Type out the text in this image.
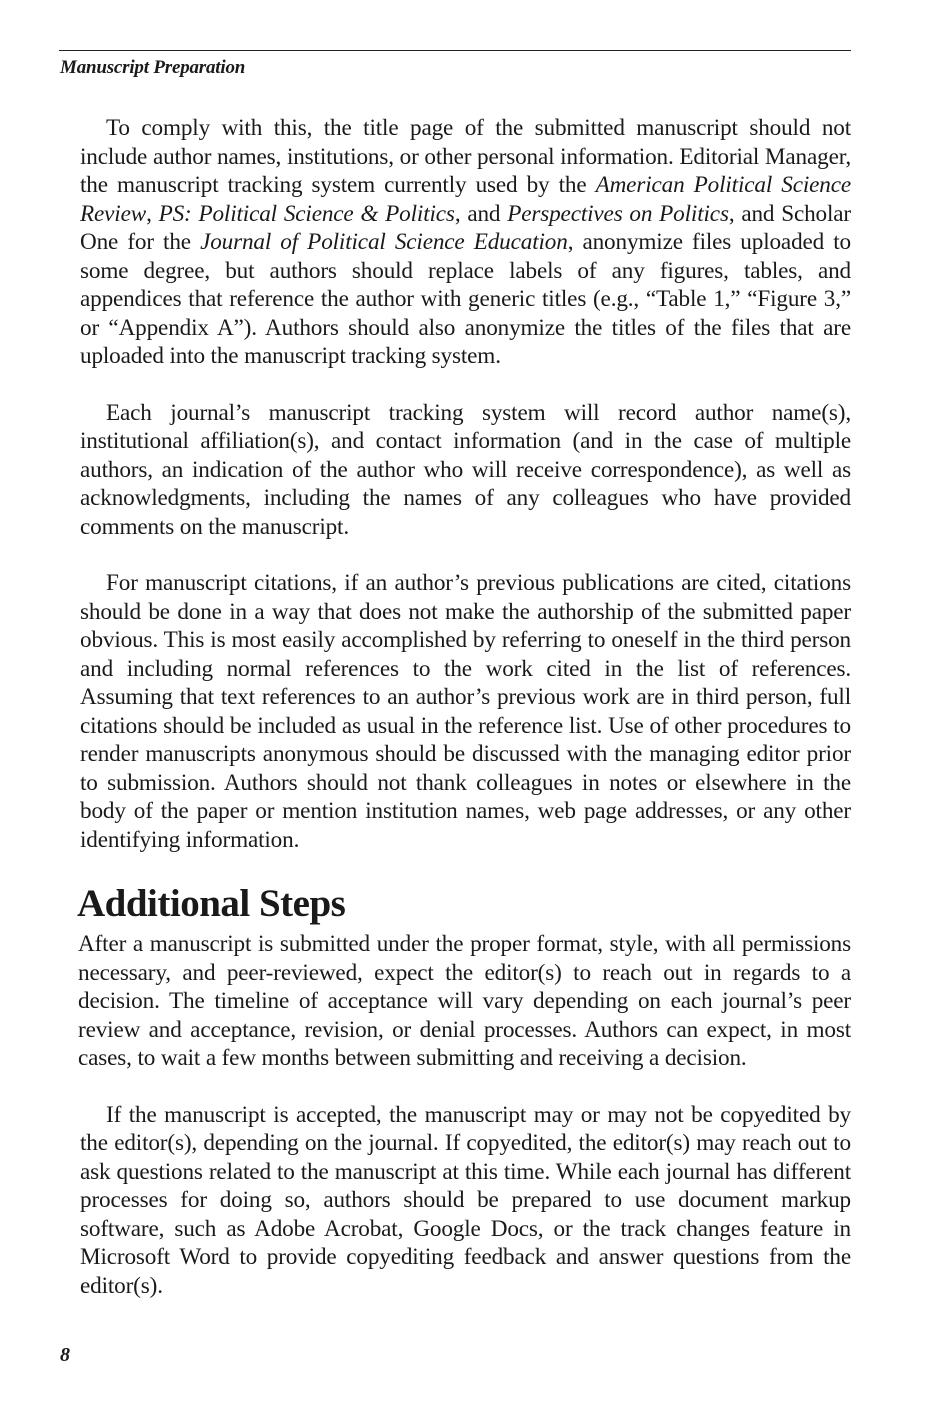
Manuscript Preparation

To comply with this, the title page of the submitted manuscript should not include author names, institutions, or other personal information. Editorial Manager, the manuscript tracking system currently used by the American Political Science Review, PS: Political Science & Politics, and Perspectives on Politics, and Scholar One for the Journal of Political Science Education, anonymize files uploaded to some degree, but authors should replace labels of any figures, tables, and appendices that reference the author with generic titles (e.g., “Table 1,” “Figure 3,” or “Appendix A”). Authors should also anonymize the titles of the files that are uploaded into the manuscript tracking system.

Each journal’s manuscript tracking system will record author name(s), institutional affiliation(s), and contact information (and in the case of multiple authors, an indication of the author who will receive correspondence), as well as acknowledgments, including the names of any colleagues who have provided comments on the manuscript.

For manuscript citations, if an author’s previous publications are cited, citations should be done in a way that does not make the authorship of the submitted paper obvious. This is most easily accomplished by referring to oneself in the third person and including normal references to the work cited in the list of references. Assuming that text references to an author’s previous work are in third person, full citations should be included as usual in the reference list. Use of other procedures to render manuscripts anonymous should be discussed with the managing editor prior to submission. Authors should not thank colleagues in notes or elsewhere in the body of the paper or mention institution names, web page addresses, or any other identifying information.

Additional Steps

After a manuscript is submitted under the proper format, style, with all permissions necessary, and peer-reviewed, expect the editor(s) to reach out in regards to a decision. The timeline of acceptance will vary depending on each journal’s peer review and acceptance, revision, or denial processes. Authors can expect, in most cases, to wait a few months between submitting and receiving a decision.

If the manuscript is accepted, the manuscript may or may not be copyedited by the editor(s), depending on the journal. If copyedited, the editor(s) may reach out to ask questions related to the manuscript at this time. While each journal has different processes for doing so, authors should be prepared to use document markup software, such as Adobe Acrobat, Google Docs, or the track changes feature in Microsoft Word to provide copyediting feedback and answer questions from the editor(s).

8
